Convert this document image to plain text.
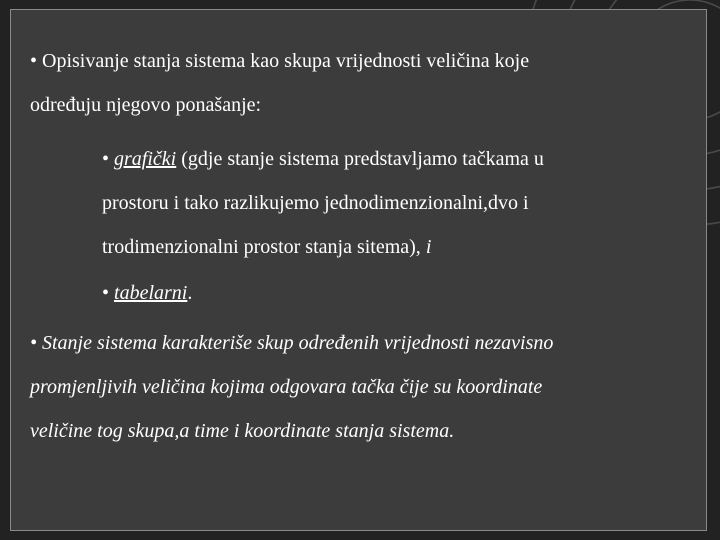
• Opisivanje stanja sistema kao skupa vrijednosti veličina koje
određuju njegovo ponašanje:
• grafički (gdje stanje sistema predstavljamo tačkama u
prostoru i tako razlikujemo jednodimenzionalni,dvo i
trodimenzionalni prostor stanja sitema), i
• tabelarni.
• Stanje sistema karakteriše skup određenih vrijednosti nezavisno
promjenljivih veličina kojima odgovara tačka čije su koordinate
veličine tog skupa,a time i koordinate stanja sistema.
